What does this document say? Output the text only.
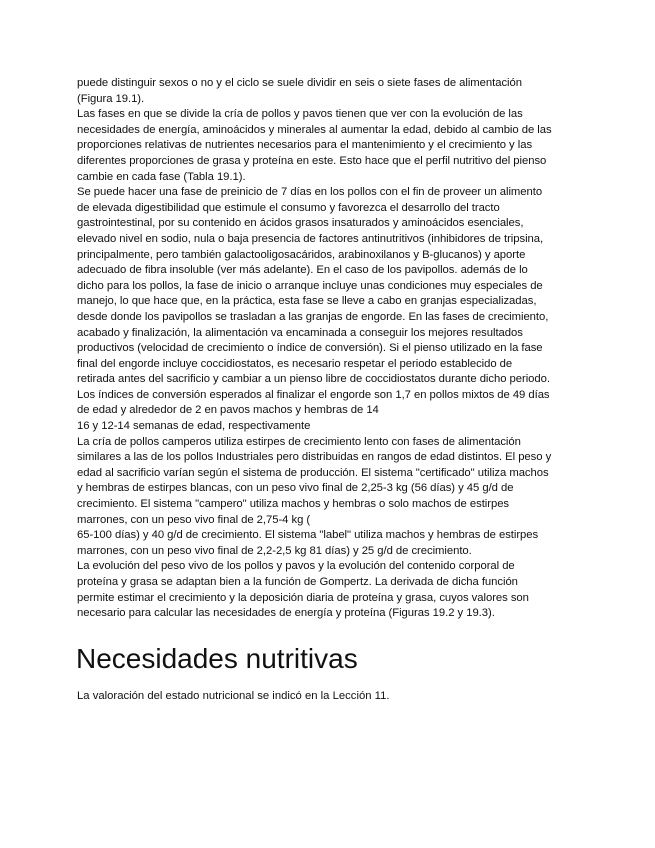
puede distinguir sexos o no y el ciclo se suele dividir en seis o siete fases de alimentación
(Figura 19.1).
Las fases en que se divide la cría de pollos y pavos tienen que ver con la evolución de las
necesidades de energía, aminoácidos y minerales al aumentar la edad, debido al cambio de las
proporciones relativas de nutrientes necesarios para el mantenimiento y el crecimiento y las
diferentes proporciones de grasa y proteína en este. Esto hace que el perfil nutritivo del pienso
cambie en cada fase (Tabla 19.1).
Se puede hacer una fase de preinicio de 7 días en los pollos con el fin de proveer un alimento
de elevada digestibilidad que estimule el consumo y favorezca el desarrollo del tracto
gastrointestinal, por su contenido en ácidos grasos insaturados y aminoácidos esenciales,
elevado nivel en sodio, nula o baja presencia de factores antinutritivos (inhibidores de tripsina,
principalmente, pero también galactooligosacáridos, arabinoxilanos y B-glucanos) y aporte
adecuado de fibra insoluble (ver más adelante). En el caso de los pavipollos. además de lo
dicho para los pollos, la fase de inicio o arranque incluye unas condiciones muy especiales de
manejo, lo que hace que, en la práctica, esta fase se lleve a cabo en granjas especializadas,
desde donde los pavipollos se trasladan a las granjas de engorde. En las fases de crecimiento,
acabado y finalización, la alimentación va encaminada a conseguir los mejores resultados
productivos (velocidad de crecimiento o índice de conversión). Si el pienso utilizado en la fase
final del engorde incluye coccidiostatos, es necesario respetar el periodo establecido de
retirada antes del sacrificio y cambiar a un pienso libre de coccidiostatos durante dicho periodo.
Los índices de conversión esperados al finalizar el engorde son 1,7 en pollos mixtos de 49 días
de edad y alrededor de 2 en pavos machos y hembras de 14
16 y 12-14 semanas de edad, respectivamente
La cría de pollos camperos utiliza estirpes de crecimiento lento con fases de alimentación
similares a las de los pollos Industriales pero distribuidas en rangos de edad distintos. El peso y
edad al sacrificio varían según el sistema de producción. El sistema "certificado" utiliza machos
y hembras de estirpes blancas, con un peso vivo final de 2,25-3 kg (56 días) y 45 g/d de
crecimiento. El sistema "campero" utiliza machos y hembras o solo machos de estirpes
marrones, con un peso vivo final de 2,75-4 kg (
65-100 días) y 40 g/d de crecimiento. El sistema "label" utiliza machos y hembras de estirpes
marrones, con un peso vivo final de 2,2-2,5 kg 81 días) y 25 g/d de crecimiento.
La evolución del peso vivo de los pollos y pavos y la evolución del contenido corporal de
proteína y grasa se adaptan bien a la función de Gompertz. La derivada de dicha función
permite estimar el crecimiento y la deposición diaria de proteína y grasa, cuyos valores son
necesario para calcular las necesidades de energía y proteína (Figuras 19.2 y 19.3).
Necesidades nutritivas
La valoración del estado nutricional se indicó en la Lección 11.
